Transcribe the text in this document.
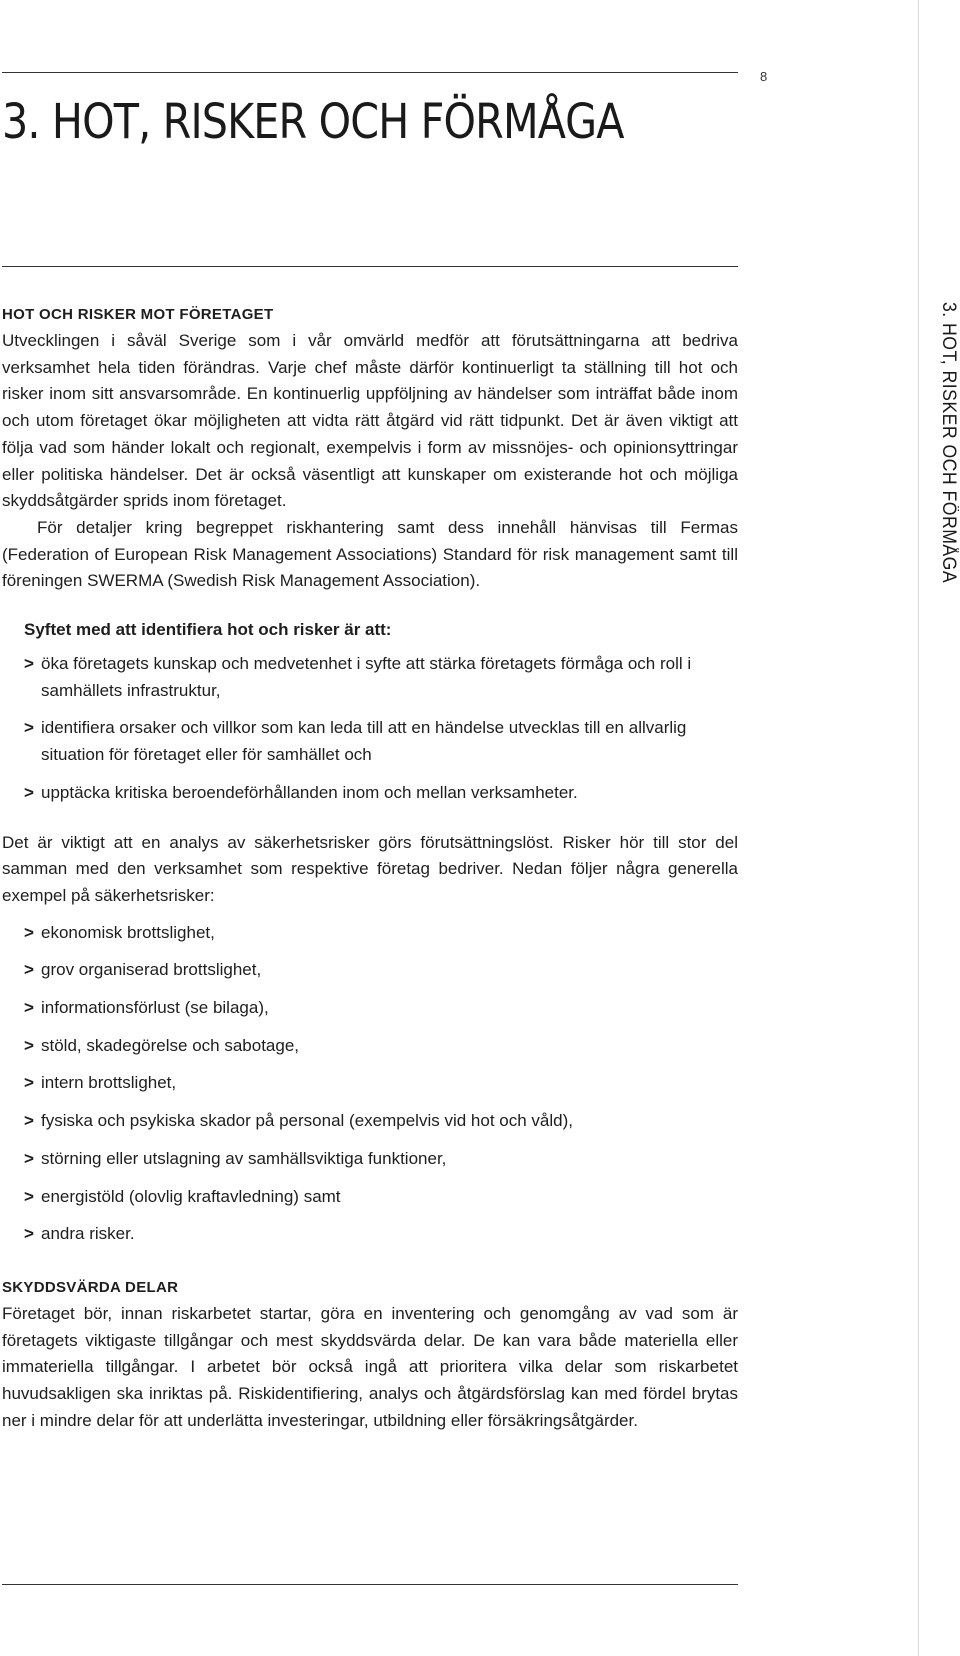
8
3. HOT, RISKER OCH FÖRMÅGA
3. HOT, RISKER OCH FÖRMÅGA

HOT OCH RISKER MOT FÖRETAGET

Utvecklingen i såväl Sverige som i vår omvärld medför att förutsättningarna att bedriva verksamhet hela tiden förändras. Varje chef måste därför kontinuerligt ta ställning till hot och risker inom sitt ansvarsområde. En kontinuerlig uppföljning av händelser som inträffat både inom och utom företaget ökar möjligheten att vidta rätt åtgärd vid rätt tidpunkt. Det är även viktigt att följa vad som händer lokalt och regionalt, exempelvis i form av missnöjes- och opinionsyttringar eller politiska händelser. Det är också väsentligt att kunskaper om existerande hot och möjliga skyddsåtgärder sprids inom företaget.

För detaljer kring begreppet riskhantering samt dess innehåll hänvisas till Fermas (Federation of European Risk Management Associations) Standard för risk management samt till föreningen SWERMA (Swedish Risk Management Association).

Syftet med att identifiera hot och risker är att:

> öka företagets kunskap och medvetenhet i syfte att stärka företagets förmåga och roll i samhällets infrastruktur,
> identifiera orsaker och villkor som kan leda till att en händelse utvecklas till en allvarlig situation för företaget eller för samhället och
> upptäcka kritiska beroendeförhållanden inom och mellan verksamheter.

Det är viktigt att en analys av säkerhetsrisker görs förutsättningslöst. Risker hör till stor del samman med den verksamhet som respektive företag bedriver. Nedan följer några generella exempel på säkerhetsrisker:

> ekonomisk brottslighet,
> grov organiserad brottslighet,
> informationsförlust (se bilaga),
> stöld, skadegörelse och sabotage,
> intern brottslighet,
> fysiska och psykiska skador på personal (exempelvis vid hot och våld),
> störning eller utslagning av samhällsviktiga funktioner,
> energistöld (olovlig kraftavledning) samt
> andra risker.

SKYDDSVÄRDA DELAR

Företaget bör, innan riskarbetet startar, göra en inventering och genomgång av vad som är företagets viktigaste tillgångar och mest skyddsvärda delar. De kan vara både materiella eller immateriella tillgångar. I arbetet bör också ingå att prioritera vilka delar som riskarbetet huvudsakligen ska inriktas på. Riskidentifiering, analys och åtgärdsförslag kan med fördel brytas ner i mindre delar för att underlätta investeringar, utbildning eller försäkringsåtgärder.
